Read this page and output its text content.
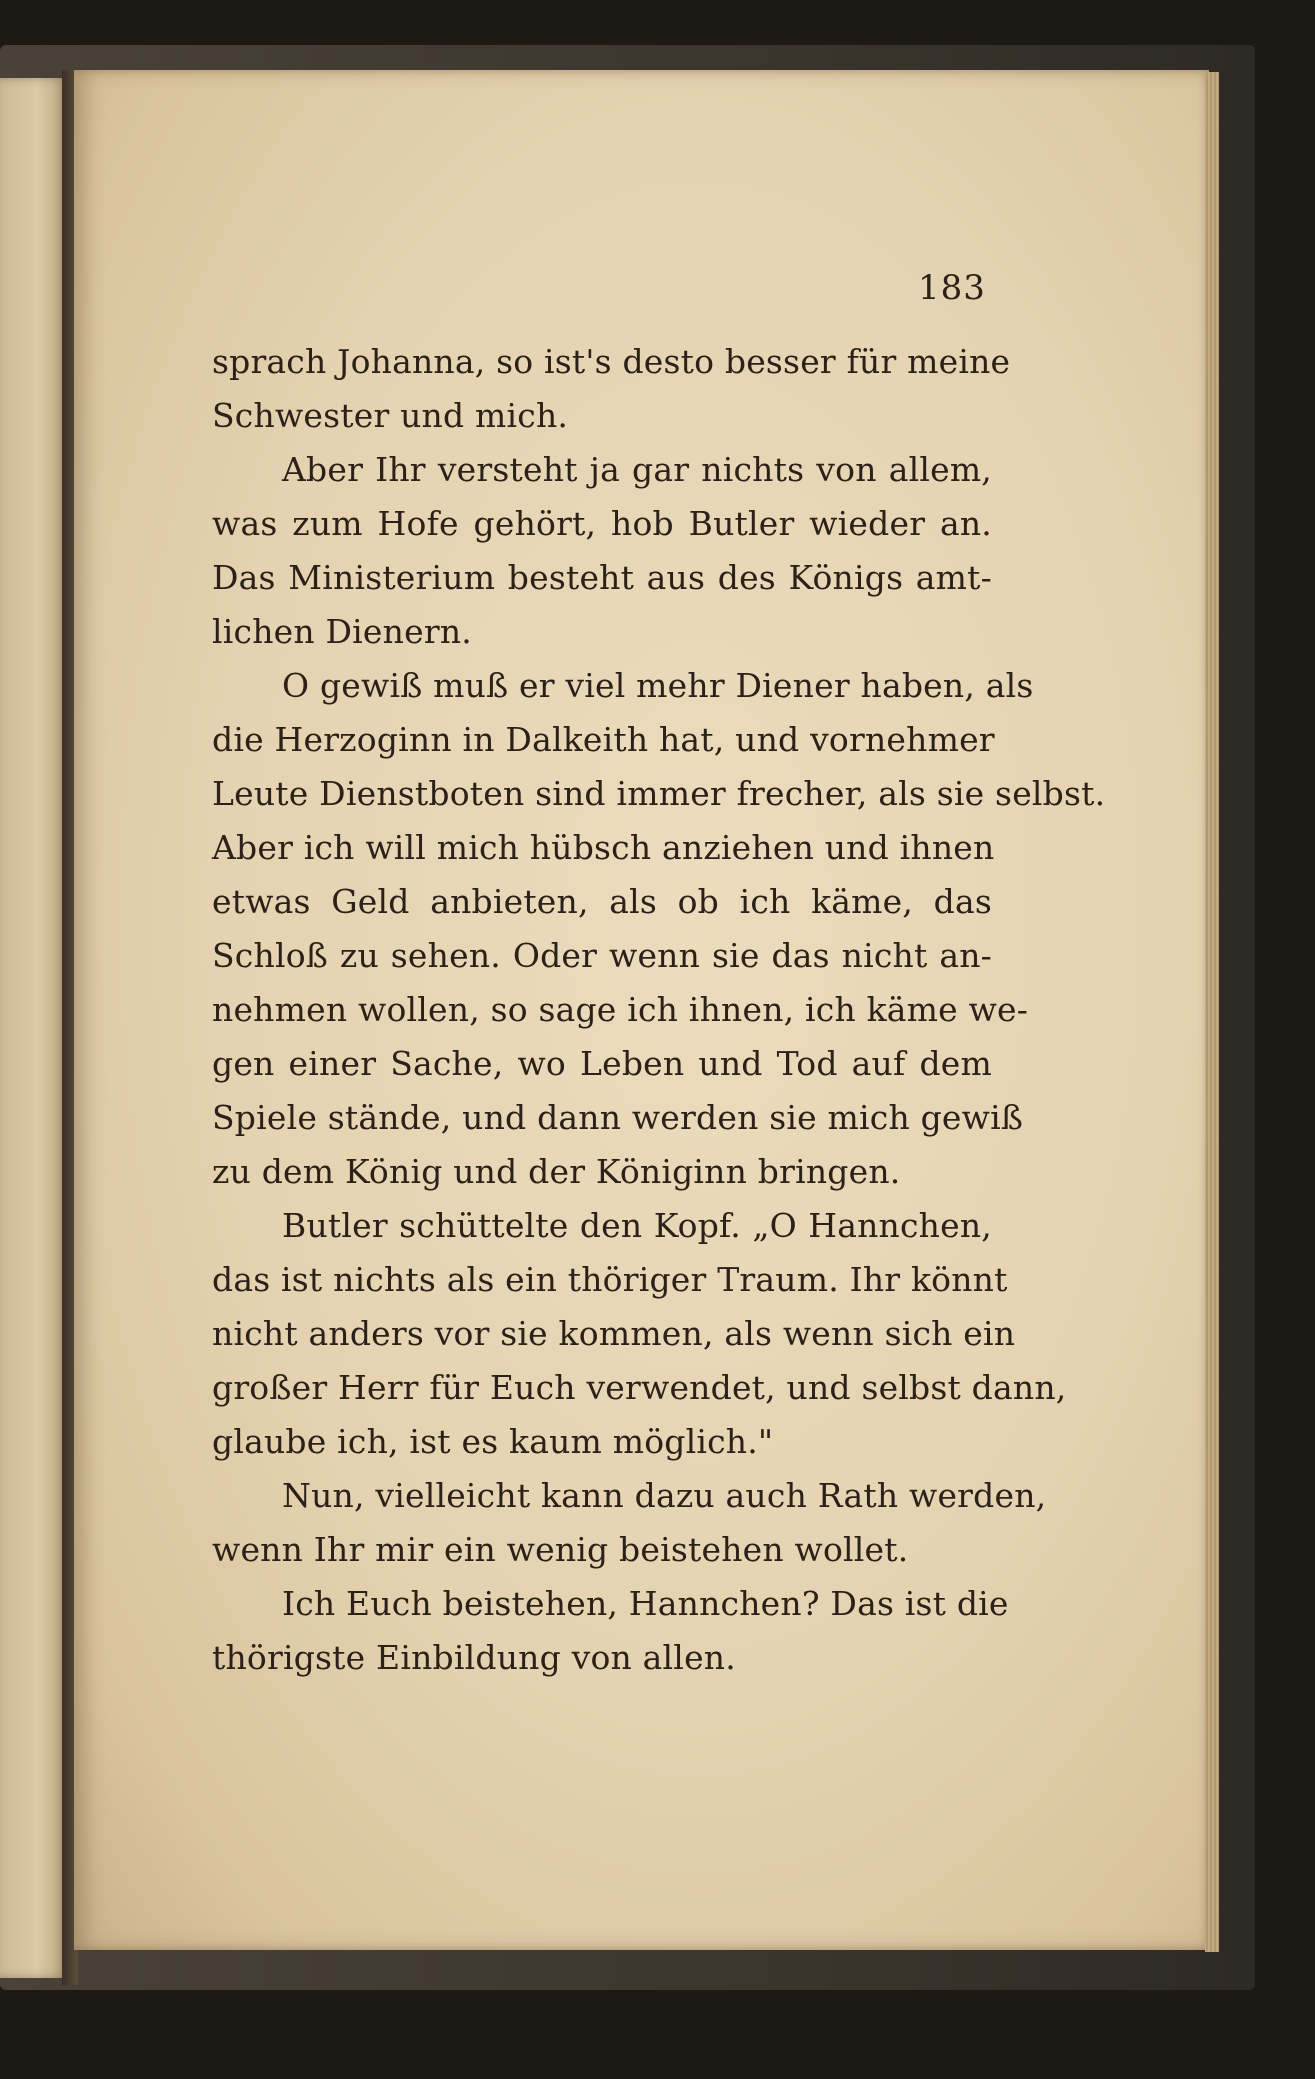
183
sprach Johanna, so ist's desto besser für meine
Schwester und mich.
Aber Ihr versteht ja gar nichts von allem,
was zum Hofe gehört, hob Butler wieder an.
Das Ministerium besteht aus des Königs amt-
lichen Dienern.
O gewiß muß er viel mehr Diener haben, als
die Herzoginn in Dalkeith hat, und vornehmer
Leute Dienstboten sind immer frecher, als sie selbst.
Aber ich will mich hübsch anziehen und ihnen
etwas Geld anbieten, als ob ich käme, das
Schloß zu sehen. Oder wenn sie das nicht an-
nehmen wollen, so sage ich ihnen, ich käme we-
gen einer Sache, wo Leben und Tod auf dem
Spiele stände, und dann werden sie mich gewiß
zu dem König und der Königinn bringen.
Butler schüttelte den Kopf. „O Hannchen,
das ist nichts als ein thöriger Traum. Ihr könnt
nicht anders vor sie kommen, als wenn sich ein
großer Herr für Euch verwendet, und selbst dann,
glaube ich, ist es kaum möglich."
Nun, vielleicht kann dazu auch Rath werden,
wenn Ihr mir ein wenig beistehen wollet.
Ich Euch beistehen, Hannchen? Das ist die
thörigste Einbildung von allen.
